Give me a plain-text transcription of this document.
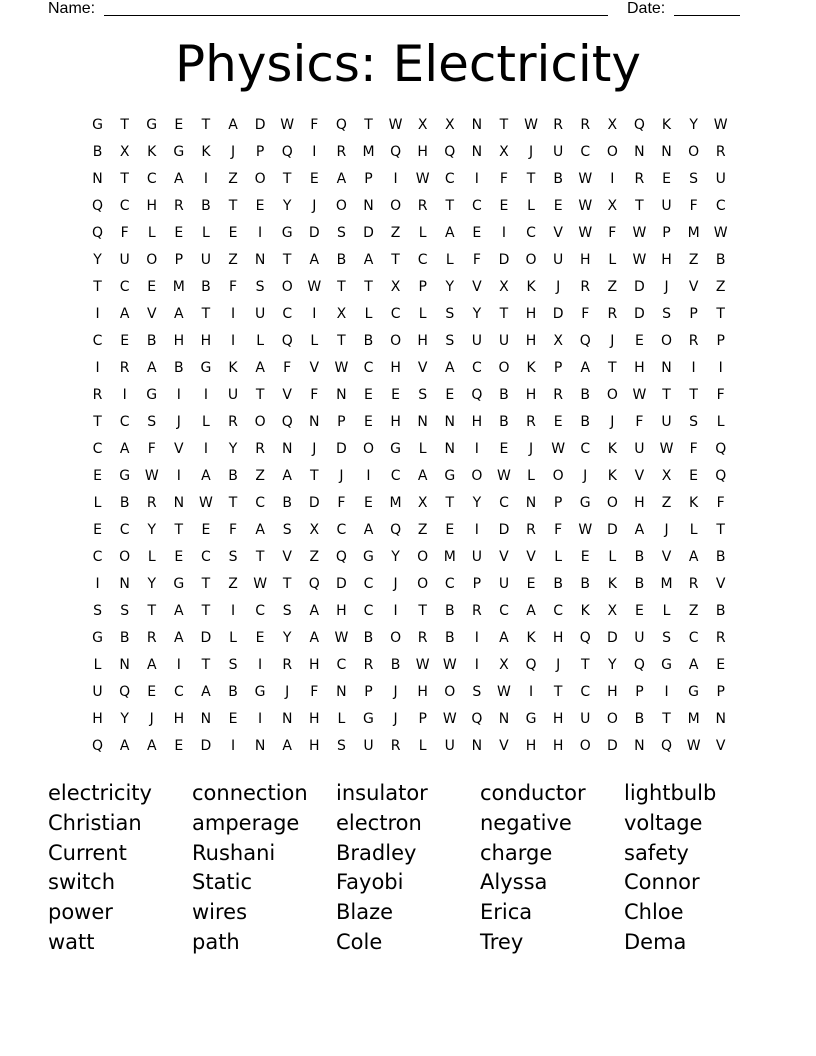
Name:	Date:
Physics: Electricity
G	T	G	E	T	A	D	W	F	Q	T	W	X	X	N	T	W	R	R	X	Q	K	Y	W
B	X	K	G	K	J	P	Q	I	R	M	Q	H	Q	N	X	J	U	C	O	N	N	O	R
N	T	C	A	I	Z	O	T	E	A	P	I	W	C	I	F	T	B	W	I	R	E	S	U
Q	C	H	R	B	T	E	Y	J	O	N	O	R	T	C	E	L	E	W	X	T	U	F	C
Q	F	L	E	L	E	I	G	D	S	D	Z	L	A	E	I	C	V	W	F	W	P	M	W
Y	U	O	P	U	Z	N	T	A	B	A	T	C	L	F	D	O	U	H	L	W	H	Z	B
T	C	E	M	B	F	S	O	W	T	T	X	P	Y	V	X	K	J	R	Z	D	J	V	Z
I	A	V	A	T	I	U	C	I	X	L	C	L	S	Y	T	H	D	F	R	D	S	P	T
C	E	B	H	H	I	L	Q	L	T	B	O	H	S	U	U	H	X	Q	J	E	O	R	P
I	R	A	B	G	K	A	F	V	W	C	H	V	A	C	O	K	P	A	T	H	N	I	I
R	I	G	I	I	U	T	V	F	N	E	E	S	E	Q	B	H	R	B	O	W	T	T	F
T	C	S	J	L	R	O	Q	N	P	E	H	N	N	H	B	R	E	B	J	F	U	S	L
C	A	F	V	I	Y	R	N	J	D	O	G	L	N	I	E	J	W	C	K	U	W	F	Q
E	G	W	I	A	B	Z	A	T	J	I	C	A	G	O	W	L	O	J	K	V	X	E	Q
L	B	R	N	W	T	C	B	D	F	E	M	X	T	Y	C	N	P	G	O	H	Z	K	F
E	C	Y	T	E	F	A	S	X	C	A	Q	Z	E	I	D	R	F	W	D	A	J	L	T
C	O	L	E	C	S	T	V	Z	Q	G	Y	O	M	U	V	V	L	E	L	B	V	A	B
I	N	Y	G	T	Z	W	T	Q	D	C	J	O	C	P	U	E	B	B	K	B	M	R	V
S	S	T	A	T	I	C	S	A	H	C	I	T	B	R	C	A	C	K	X	E	L	Z	B
G	B	R	A	D	L	E	Y	A	W	B	O	R	B	I	A	K	H	Q	D	U	S	C	R
L	N	A	I	T	S	I	R	H	C	R	B	W W	I	X	Q	J	T	Y	Q	G	A	E
U	Q	E	C	A	B	G	J	F	N	P	J	H	O	S	W	I	T	C	H	P	I	G	P
H	Y	J	H	N	E	I	N	H	L	G	J	P	W	Q	N	G	H	U	O	B	T	M	N
Q	A	A	E	D	I	N	A	H	S	U	R	L	U	N	V	H	H	O	D	N	Q	W	V
electricity	connection	insulator	conductor	lightbulb
Christian	amperage	electron	negative	voltage
Current	Rushani	Bradley	charge	safety
switch	Static	Fayobi	Alyssa	Connor
power	wires	Blaze	Erica	Chloe
watt	path	Cole	Trey	Dema
